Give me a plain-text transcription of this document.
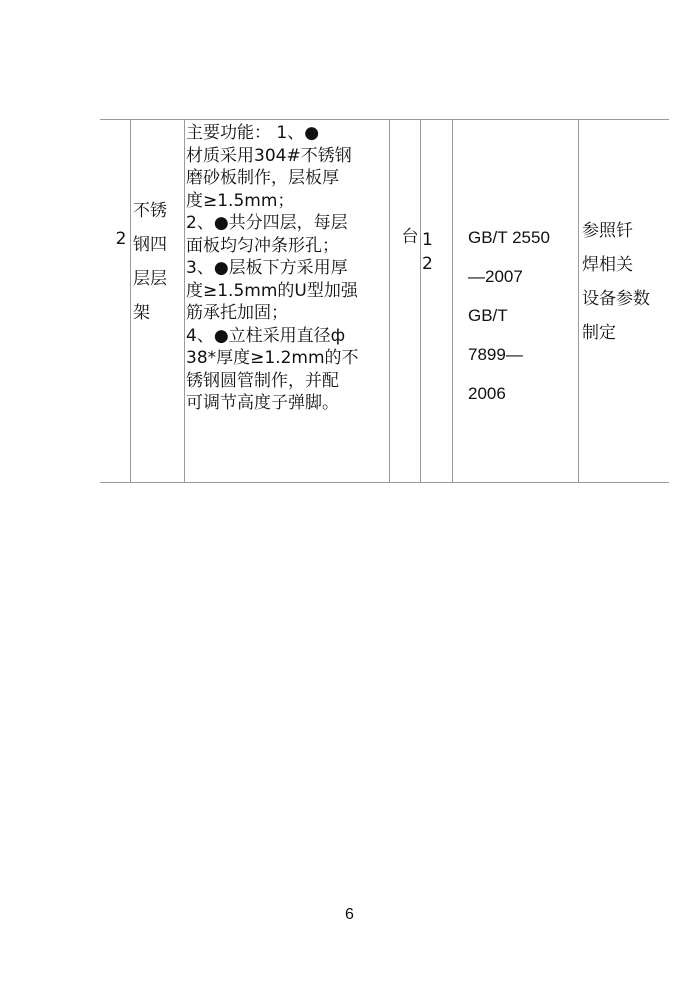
2
不锈
钢四
层层
架
主要功能： 1、●
材质采用304#不锈钢
磨砂板制作，层板厚
度≥1.5mm；
2、●共分四层，每层
面板均匀冲条形孔；
3、●层板下方采用厚
度≥1.5mm的U型加强
筋承托加固；
4、●立柱采用直径ф
38*厚度≥1.2mm的不
锈钢圆管制作，并配
可调节高度子弹脚。
台 1
2
GB/T 2550
—2007
GB/T
7899—
2006
参照钎
焊相关
设备参数
制定
6
